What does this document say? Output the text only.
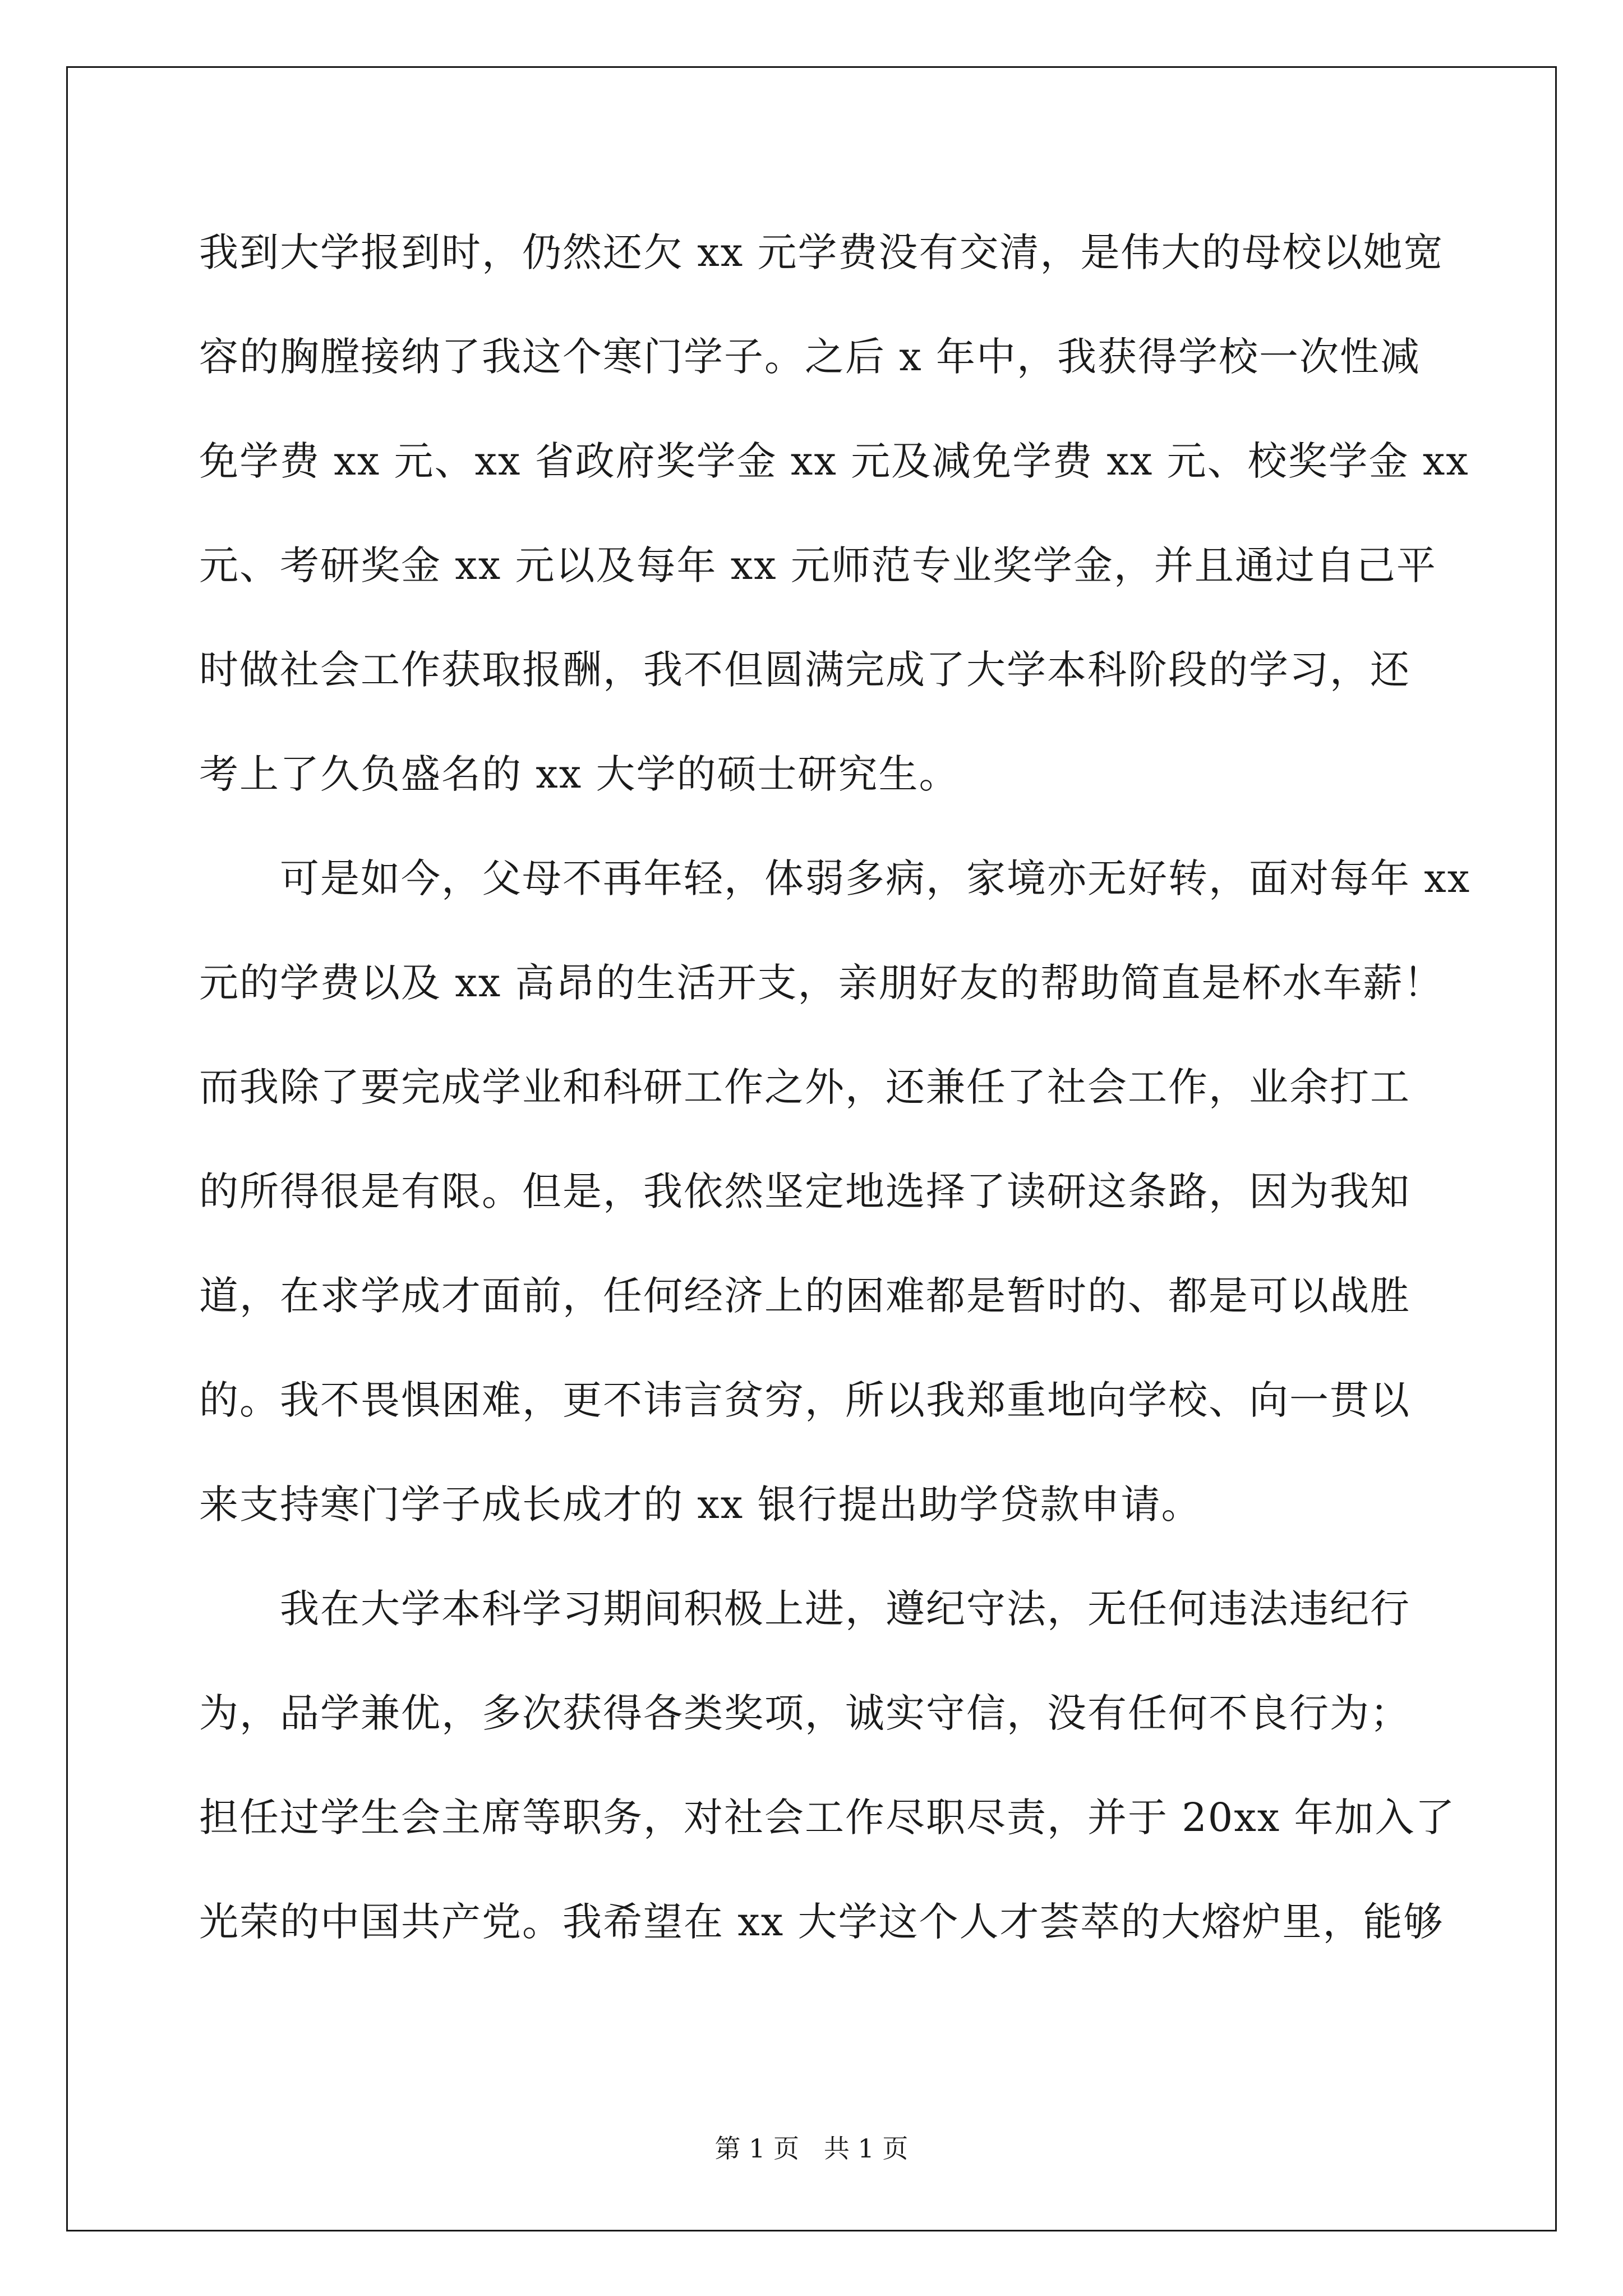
我到大学报到时，仍然还欠 xx 元学费没有交清，是伟大的母校以她宽

容的胸膛接纳了我这个寒门学子。之后 x 年中，我获得学校一次性减

免学费 xx 元、xx 省政府奖学金 xx 元及减免学费 xx 元、校奖学金 xx

元、考研奖金 xx 元以及每年 xx 元师范专业奖学金，并且通过自己平

时做社会工作获取报酬，我不但圆满完成了大学本科阶段的学习，还

考上了久负盛名的 xx 大学的硕士研究生。

　　可是如今，父母不再年轻，体弱多病，家境亦无好转，面对每年 xx

元的学费以及 xx 高昂的生活开支，亲朋好友的帮助简直是杯水车薪！

而我除了要完成学业和科研工作之外，还兼任了社会工作，业余打工

的所得很是有限。但是，我依然坚定地选择了读研这条路，因为我知

道，在求学成才面前，任何经济上的困难都是暂时的、都是可以战胜

的。我不畏惧困难，更不讳言贫穷，所以我郑重地向学校、向一贯以

来支持寒门学子成长成才的 xx 银行提出助学贷款申请。

　　我在大学本科学习期间积极上进，遵纪守法，无任何违法违纪行

为，品学兼优，多次获得各类奖项，诚实守信，没有任何不良行为；

担任过学生会主席等职务，对社会工作尽职尽责，并于 20xx 年加入了

光荣的中国共产党。我希望在 xx 大学这个人才荟萃的大熔炉里，能够

第 1 页   共 1 页
